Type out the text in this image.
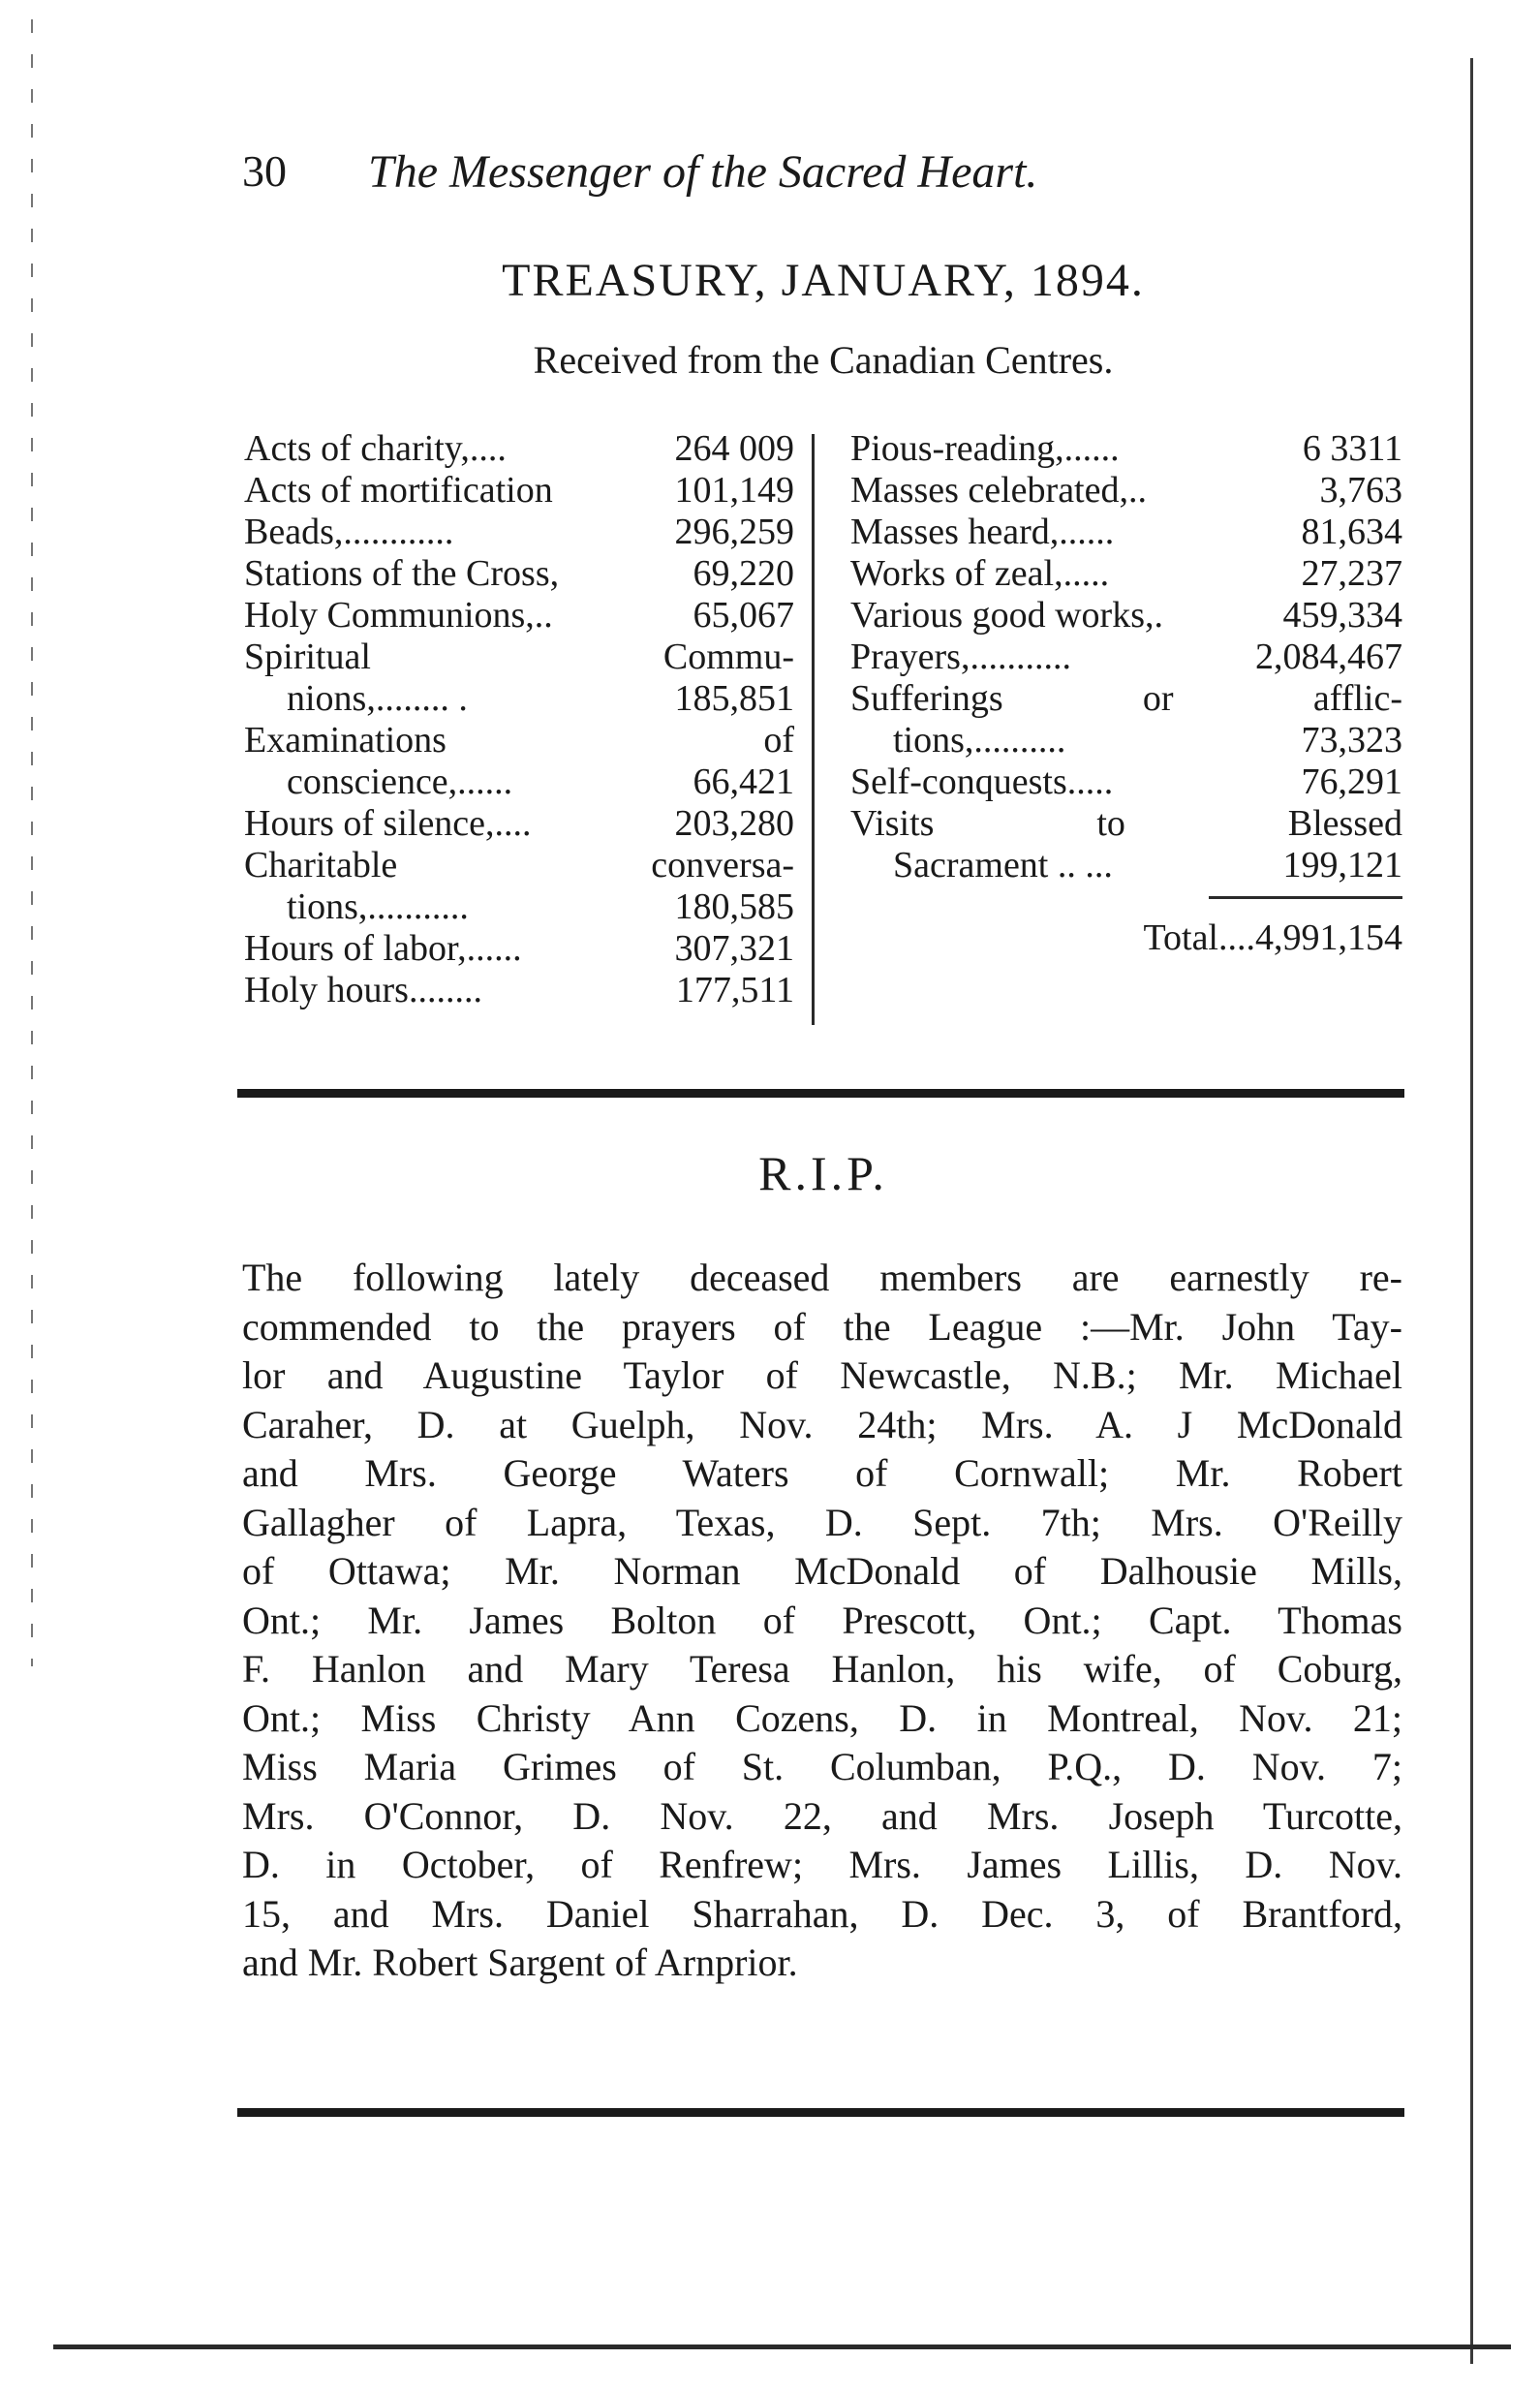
30 The Messenger of the Sacred Heart.
TREASURY, JANUARY, 1894.
Received from the Canadian Centres.
Acts of charity,....	264 009
Acts of mortification	101,149
Beads,............	296,259
Stations of the Cross,	69,220
Holy Communions,..	65,067
Spiritual Commu-
nions,........ .	185,851
Examinations of
conscience,......	66,421
Hours of silence,....	203,280
Charitable conversa-
tions,...........	180,585
Hours of labor,......	307,321
Holy hours........	177,511
Pious-reading,......	6 3311
Masses celebrated,..	3,763
Masses heard,......	81,634
Works of zeal,.....	27,237
Various good works,.	459,334
Prayers,...........	2,084,467
Sufferings or afflic-
tions,..........	73,323
Self-conquests.....	76,291
Visits to Blessed
Sacrament .. ...	199,121
Total....4,991,154
R.I.P.
The following lately deceased members are earnestly re-
commended to the prayers of the League :—Mr. John Tay-
lor and Augustine Taylor of Newcastle, N.B.; Mr. Michael
Caraher, D. at Guelph, Nov. 24th; Mrs. A. J McDonald
and Mrs. George Waters of Cornwall; Mr. Robert
Gallagher of Lapra, Texas, D. Sept. 7th; Mrs. O'Reilly
of Ottawa; Mr. Norman McDonald of Dalhousie Mills,
Ont.; Mr. James Bolton of Prescott, Ont.; Capt. Thomas
F. Hanlon and Mary Teresa Hanlon, his wife, of Coburg,
Ont.; Miss Christy Ann Cozens, D. in Montreal, Nov. 21;
Miss Maria Grimes of St. Columban, P.Q., D. Nov. 7;
Mrs. O'Connor, D. Nov. 22, and Mrs. Joseph Turcotte,
D. in October, of Renfrew; Mrs. James Lillis, D. Nov.
15, and Mrs. Daniel Sharrahan, D. Dec. 3, of Brantford,
and Mr. Robert Sargent of Arnprior.
